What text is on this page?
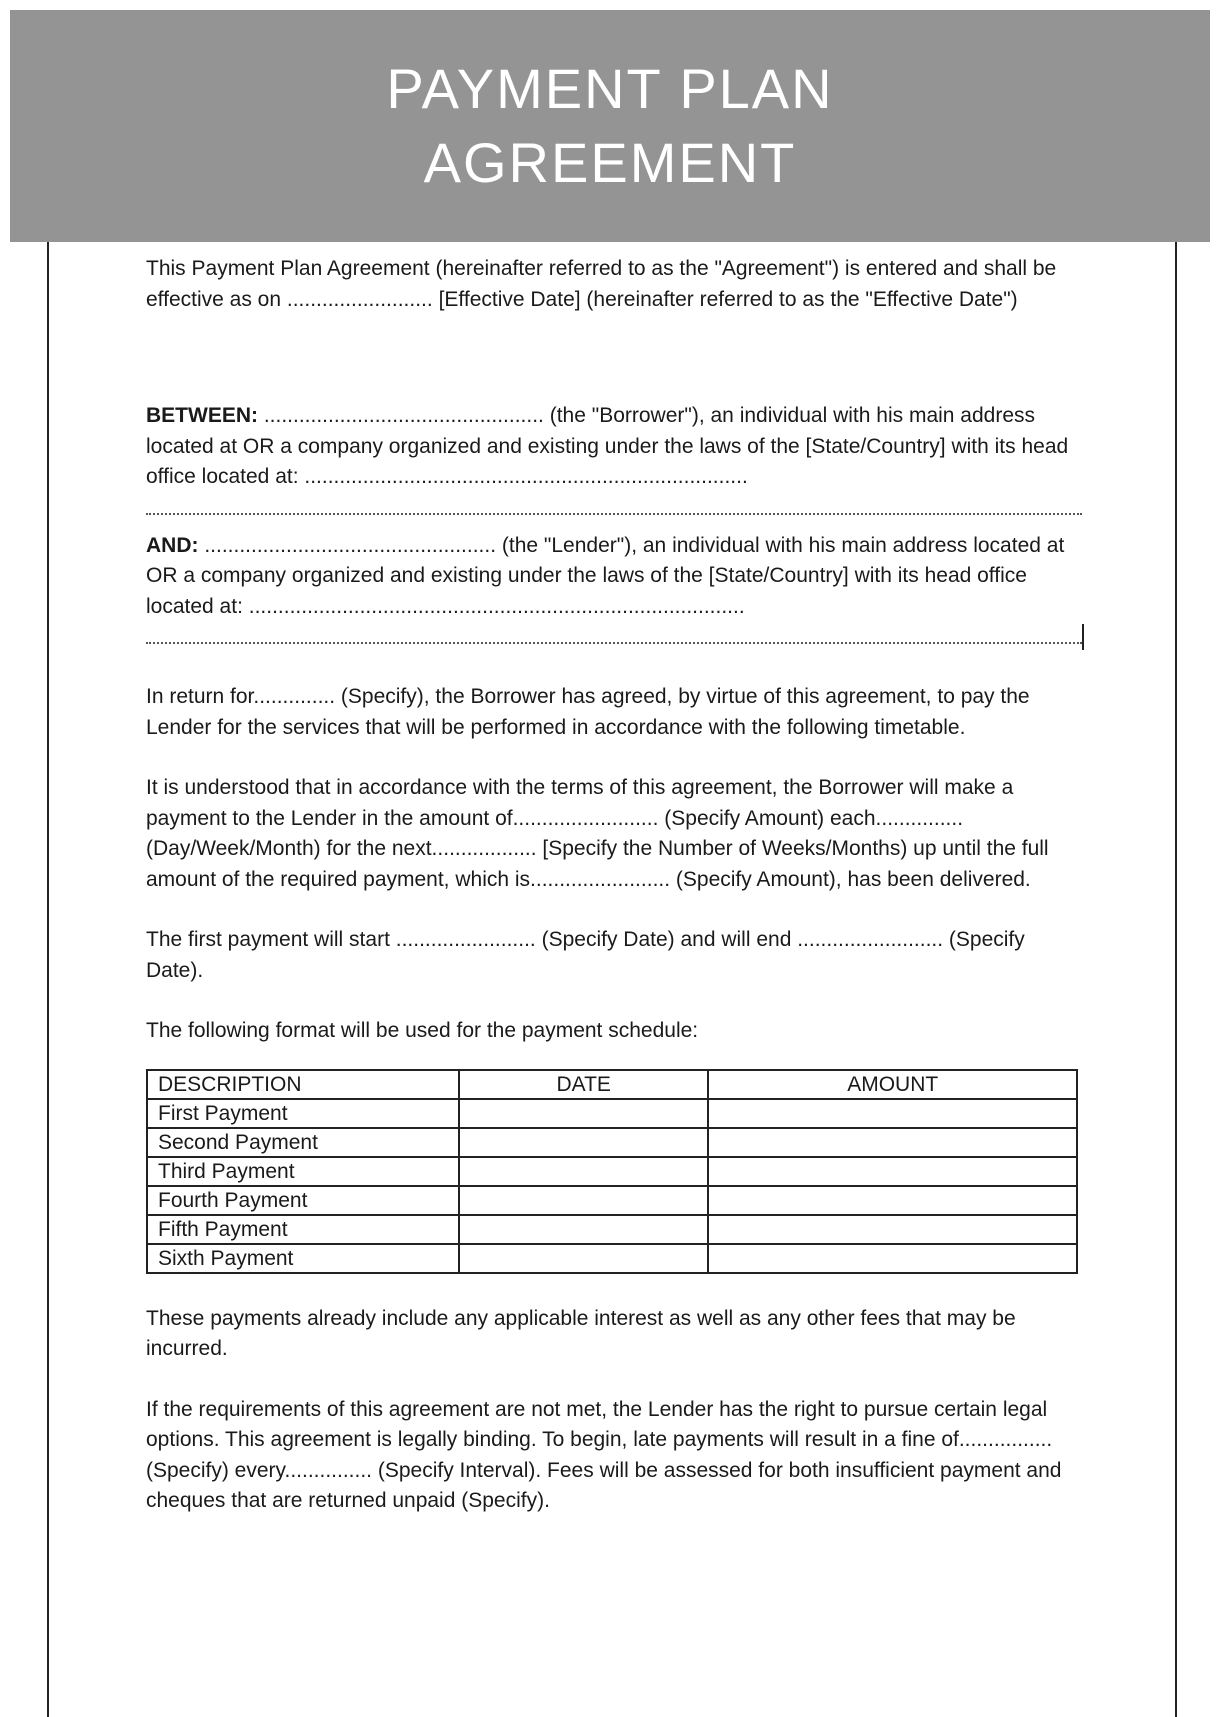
PAYMENT PLAN
AGREEMENT

This Payment Plan Agreement (hereinafter referred to as the "Agreement") is entered and shall be effective as on ......................... [Effective Date] (hereinafter referred to as the "Effective Date")

BETWEEN: ................................................ (the "Borrower"), an individual with his main address located at OR a company organized and existing under the laws of the [State/Country] with its head office located at: ............................................................................

AND: .................................................. (the "Lender"), an individual with his main address located at OR a company organized and existing under the laws of the [State/Country] with its head office located at: .....................................................................................

In return for.............. (Specify), the Borrower has agreed, by virtue of this agreement, to pay the Lender for the services that will be performed in accordance with the following timetable.

It is understood that in accordance with the terms of this agreement, the Borrower will make a payment to the Lender in the amount of......................... (Specify Amount) each............... (Day/Week/Month) for the next.................. [Specify the Number of Weeks/Months) up until the full amount of the required payment, which is........................ (Specify Amount), has been delivered.

The first payment will start ........................ (Specify Date) and will end ......................... (Specify Date).

The following format will be used for the payment schedule:

DESCRIPTION	DATE	AMOUNT
First Payment		
Second Payment		
Third Payment		
Fourth Payment		
Fifth Payment		
Sixth Payment		

These payments already include any applicable interest as well as any other fees that may be incurred.

If the requirements of this agreement are not met, the Lender has the right to pursue certain legal options. This agreement is legally binding. To begin, late payments will result in a fine of................ (Specify) every............... (Specify Interval). Fees will be assessed for both insufficient payment and cheques that are returned unpaid (Specify).
